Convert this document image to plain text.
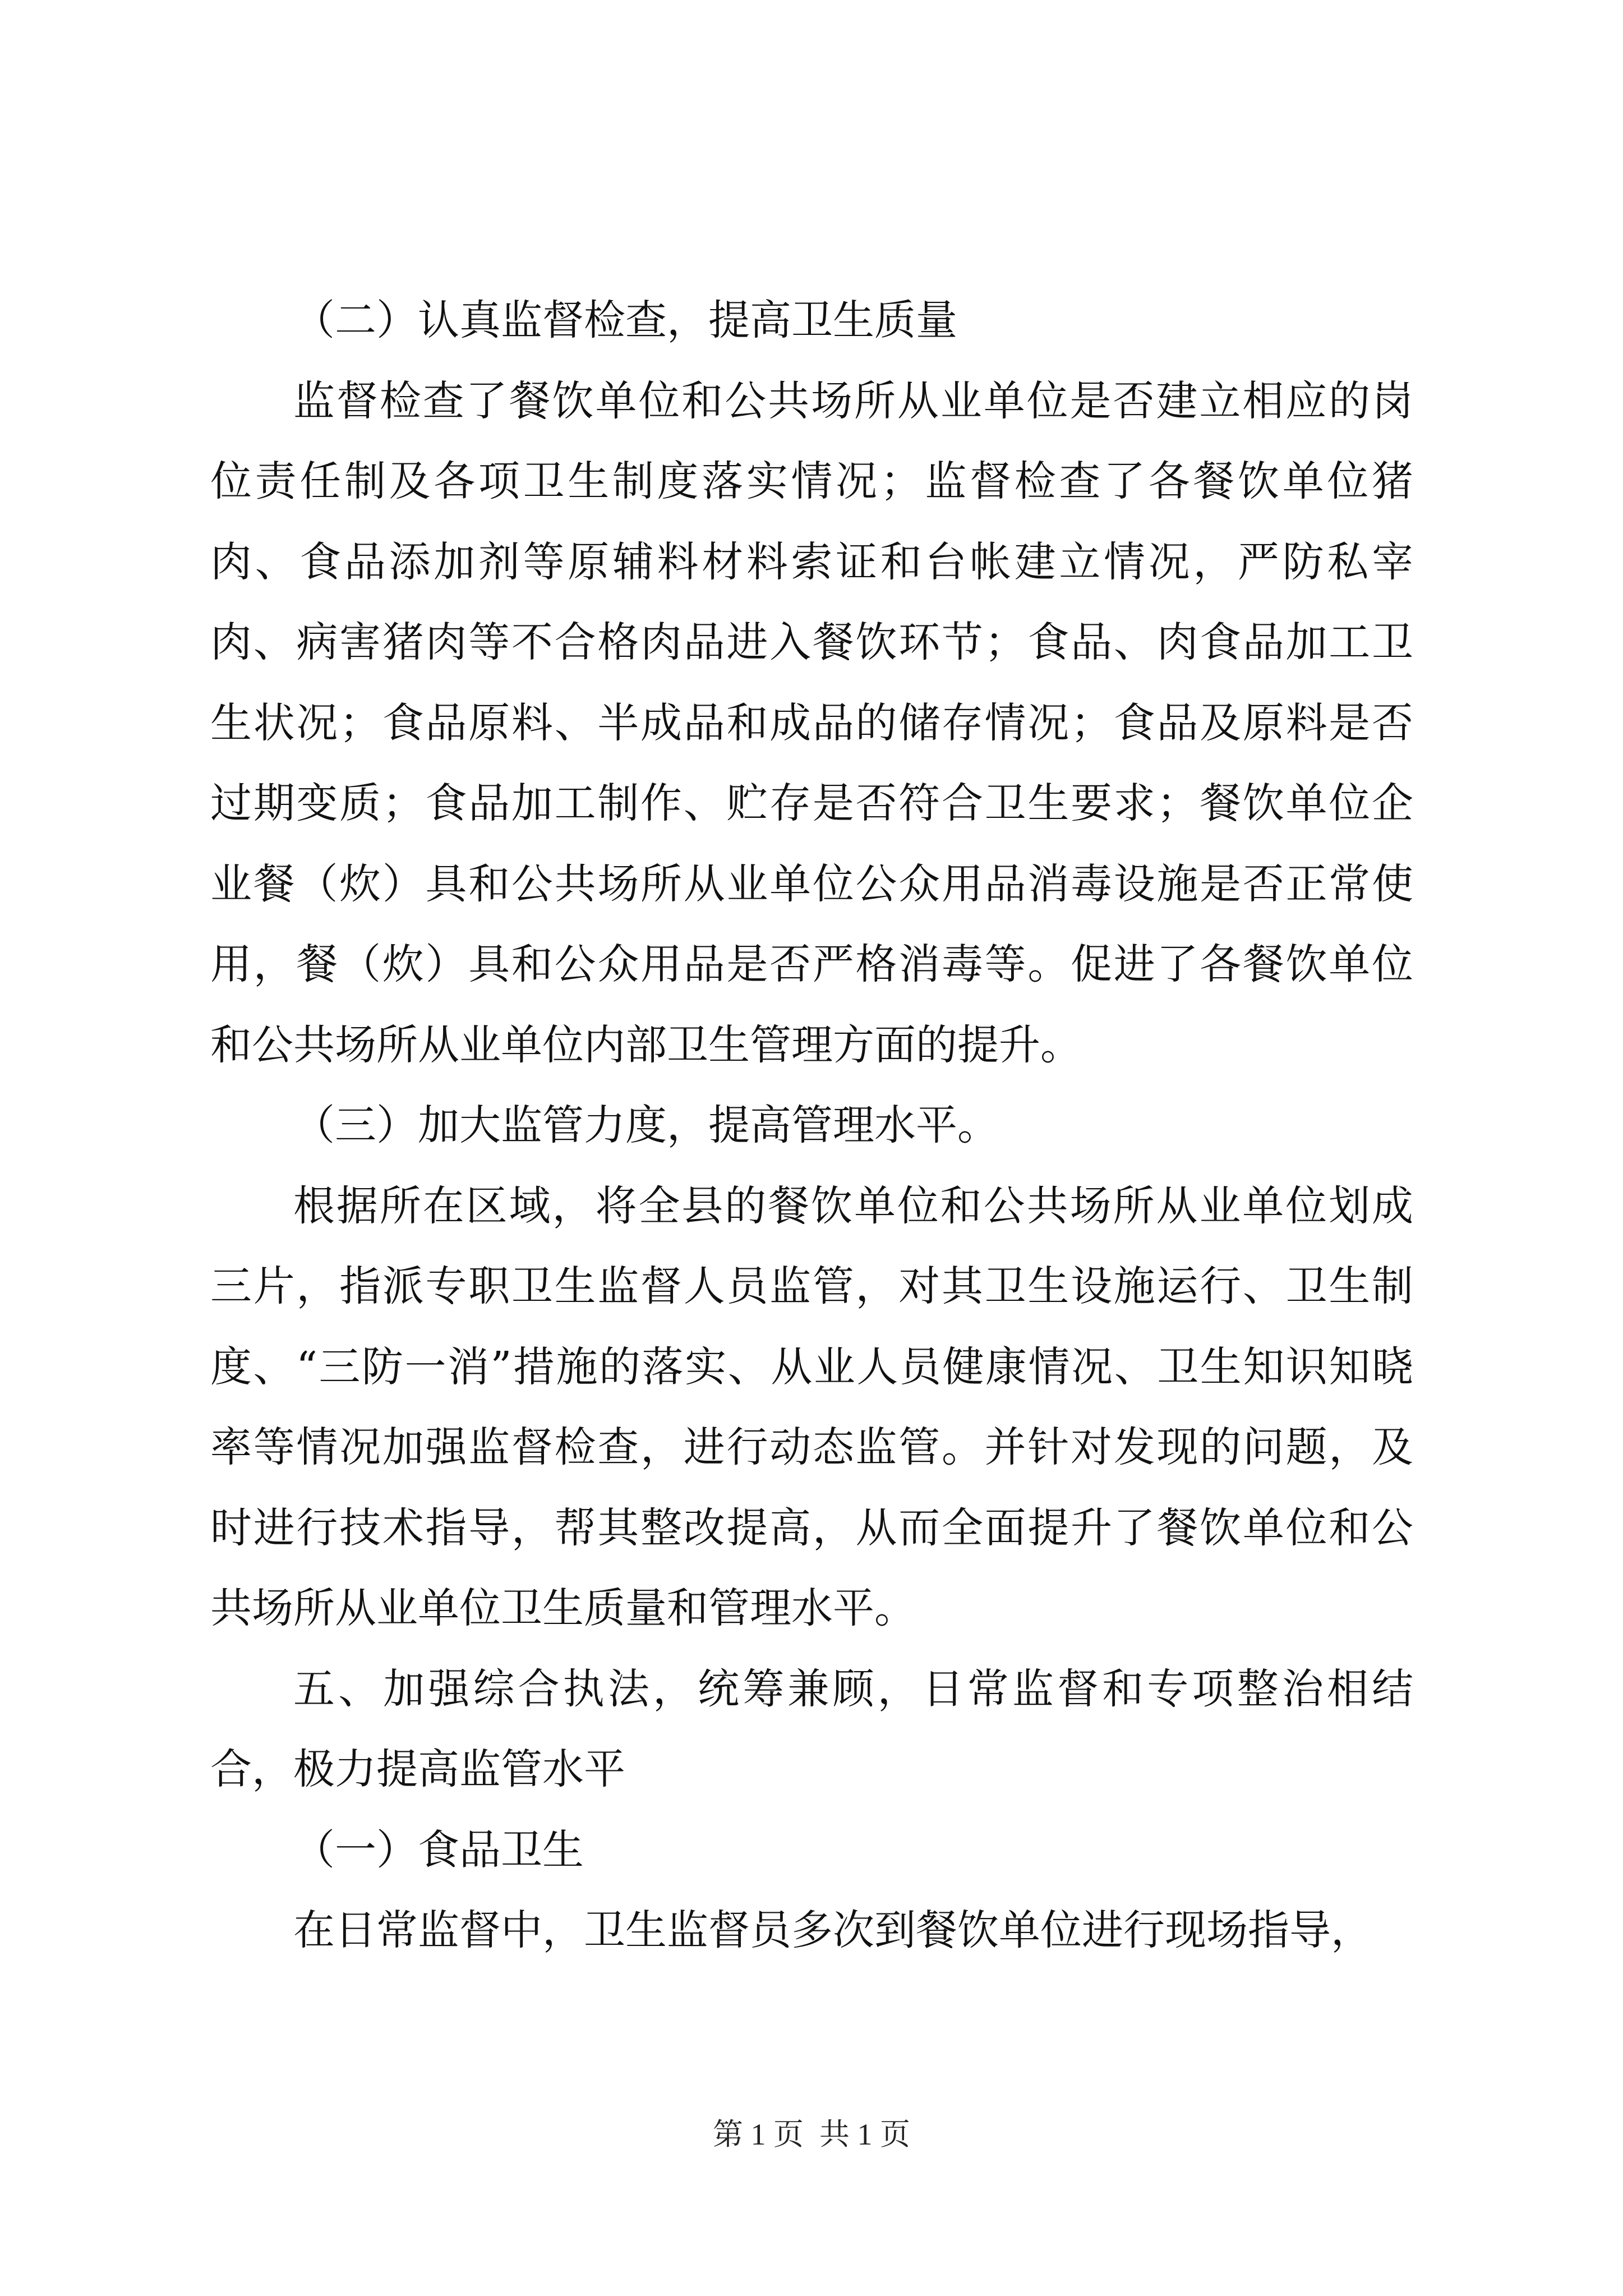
（二）认真监督检查，提高卫生质量

监督检查了餐饮单位和公共场所从业单位是否建立相应的岗位责任制及各项卫生制度落实情况；监督检查了各餐饮单位猪肉、食品添加剂等原辅料材料索证和台帐建立情况，严防私宰肉、病害猪肉等不合格肉品进入餐饮环节；食品、肉食品加工卫生状况；食品原料、半成品和成品的储存情况；食品及原料是否过期变质；食品加工制作、贮存是否符合卫生要求；餐饮单位企业餐（炊）具和公共场所从业单位公众用品消毒设施是否正常使用，餐（炊）具和公众用品是否严格消毒等。促进了各餐饮单位和公共场所从业单位内部卫生管理方面的提升。

（三）加大监管力度，提高管理水平。

根据所在区域，将全县的餐饮单位和公共场所从业单位划成三片，指派专职卫生监督人员监管，对其卫生设施运行、卫生制度、“三防一消”措施的落实、从业人员健康情况、卫生知识知晓率等情况加强监督检查，进行动态监管。并针对发现的问题，及时进行技术指导，帮其整改提高，从而全面提升了餐饮单位和公共场所从业单位卫生质量和管理水平。

五、加强综合执法，统筹兼顾，日常监督和专项整治相结合，极力提高监管水平

（一）食品卫生

在日常监督中，卫生监督员多次到餐饮单位进行现场指导，

第 1 页 共 1 页
